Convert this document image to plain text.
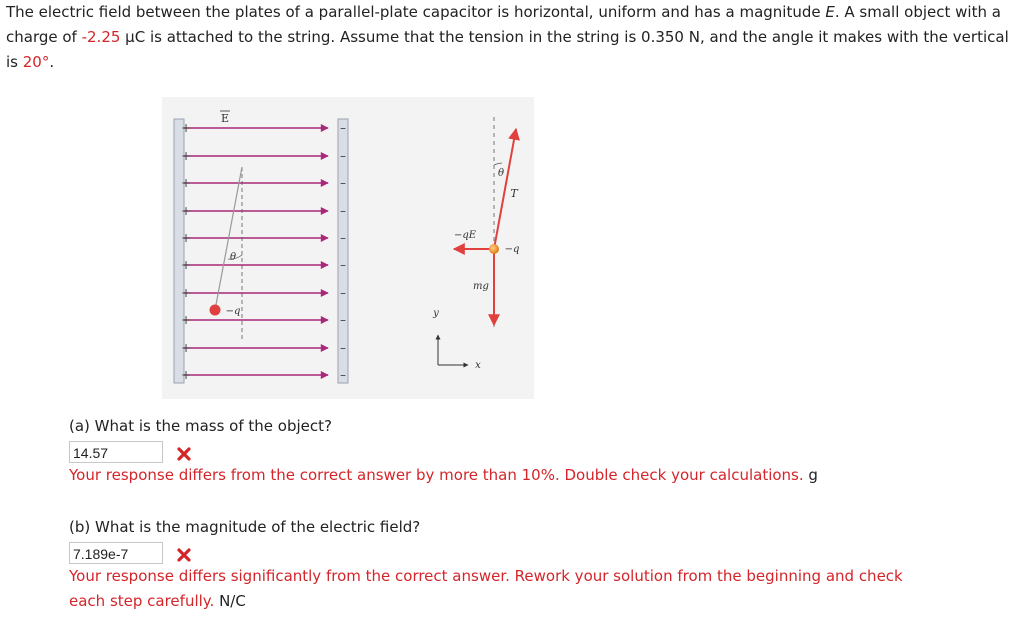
The electric field between the plates of a parallel-plate capacitor is horizontal, uniform and has a magnitude E. A small object with a charge of -2.25 μC is attached to the string. Assume that the tension in the string is 0.350 N, and the angle it makes with the vertical is 20°.
+
+
+
+
+
+
+
+
+
+
–
–
–
–
–
–
–
–
–
–
E
θ
−q
θ
T
−qE
mg
−q
y
x
(a) What is the mass of the object?
14.57
Your response differs from the correct answer by more than 10%. Double check your calculations. g
(b) What is the magnitude of the electric field?
7.189e-7
Your response differs significantly from the correct answer. Rework your solution from the beginning and check
each step carefully. N/C
